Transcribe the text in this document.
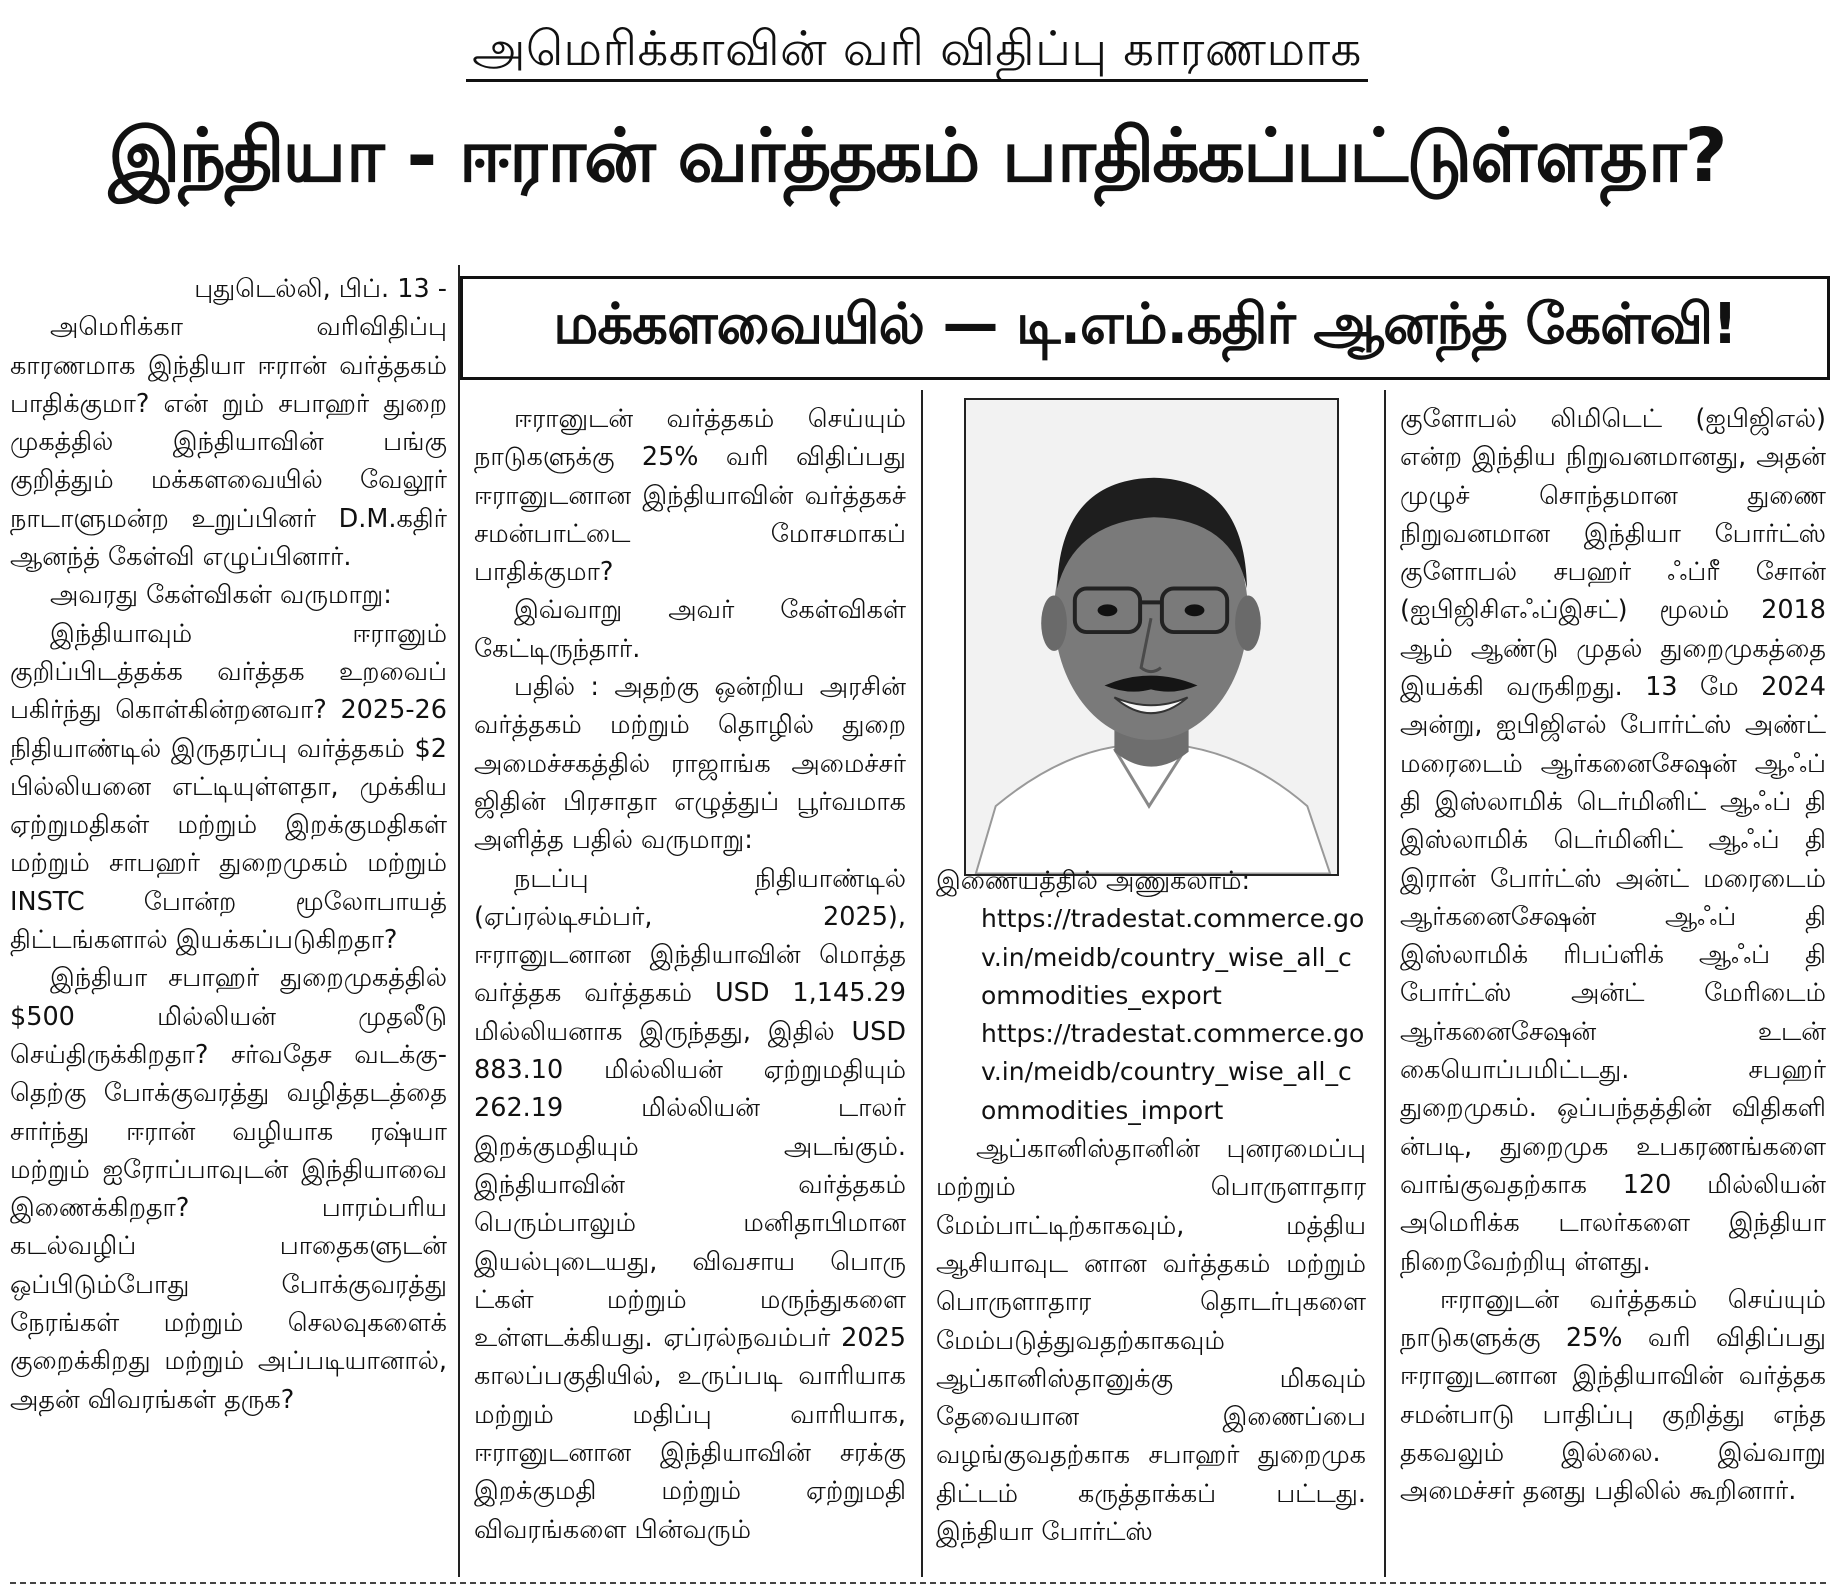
அமெரிக்காவின் வரி விதிப்பு காரணமாக
இந்தியா - ஈரான் வர்த்தகம் பாதிக்கப்பட்டுள்ளதா?

புதுடெல்லி, பிப். 13 -

அமெரிக்கா வரிவிதிப்பு காரணமாக இந்தியா ஈரான் வர்த்தகம் பாதிக்குமா? என் றும் சபாஹர் துறை முகத்தில் இந்தியாவின் பங்கு குறித்தும் மக்களவையில் வேலூர் நாடாளுமன்ற உறுப்பினர் D.M.கதிர் ஆனந்த் கேள்வி எழுப்பினார்.

அவரது கேள்விகள் வருமாறு:

இந்தியாவும் ஈரானும் குறிப்பிடத்தக்க வர்த்தக உறவைப் பகிர்ந்து கொள்கின்றனவா? 2025-26 நிதியாண்டில் இருதரப்பு வர்த்தகம் $2 பில்லியனை எட்டியுள்ளதா, முக்கிய ஏற்றுமதிகள் மற்றும் இறக்குமதிகள் மற்றும் சாபஹர் துறைமுகம் மற்றும் INSTC போன்ற மூலோபாயத் திட்டங்களால் இயக்கப்படுகிறதா?

இந்தியா சபாஹர் துறைமுகத்தில் $500 மில்லியன் முதலீடு செய்திருக்கிறதா? சர்வதேச வடக்கு-தெற்கு போக்குவரத்து வழித்தடத்தை சார்ந்து ஈரான் வழியாக ரஷ்யா மற்றும் ஐரோப்பாவுடன் இந்தியாவை இணைக்கிறதா? பாரம்பரிய கடல்வழிப் பாதைகளுடன் ஒப்பிடும்போது போக்குவரத்து நேரங்கள் மற்றும் செலவுகளைக் குறைக்கிறது மற்றும் அப்படியானால், அதன் விவரங்கள் தருக?

மக்களவையில் — டி.எம்.கதிர் ஆனந்த் கேள்வி!

ஈரானுடன் வர்த்தகம் செய்யும் நாடுகளுக்கு 25% வரி விதிப்பது ஈரானுடனான இந்தியாவின் வர்த்தகச் சமன்பாட்டை மோசமாகப் பாதிக்குமா?

இவ்வாறு அவர் கேள்விகள் கேட்டிருந்தார்.

பதில் : அதற்கு ஒன்றிய அரசின் வர்த்தகம் மற்றும் தொழில் துறை அமைச்சகத்தில் ராஜாங்க அமைச்சர் ஜிதின் பிரசாதா எழுத்துப் பூர்வமாக அளித்த பதில் வருமாறு:

நடப்பு நிதியாண்டில் (ஏப்ரல்டிசம்பர், 2025), ஈரானுடனான இந்தியாவின் மொத்த வர்த்தக வர்த்தகம் USD 1,145.29 மில்லியனாக இருந்தது, இதில் USD 883.10 மில்லியன் ஏற்றுமதியும் 262.19 மில்லியன் டாலர் இறக்குமதியும் அடங்கும். இந்தியாவின் வர்த்தகம் பெரும்பாலும் மனிதாபிமான இயல்புடையது, விவசாய பொரு ட்கள் மற்றும் மருந்துகளை உள்ளடக்கியது. ஏப்ரல்நவம்பர் 2025 காலப்பகுதியில், உருப்படி வாரியாக மற்றும் மதிப்பு வாரியாக, ஈரானுடனான இந்தியாவின் சரக்கு இறக்குமதி மற்றும் ஏற்றுமதி விவரங்களை பின்வரும்

இணையத்தில் அணுகலாம்:

https://tradestat.commerce.gov.in/meidb/country_wise_all_commodities_export

https://tradestat.commerce.gov.in/meidb/country_wise_all_commodities_import

ஆப்கானிஸ்தானின் புனரமைப்பு மற்றும் பொருளாதார மேம்பாட்டிற்காகவும், மத்திய ஆசியாவுட னான வர்த்தகம் மற்றும் பொருளாதார தொடர்புகளை மேம்படுத்துவதற்காகவும் ஆப்கானிஸ்தானுக்கு மிகவும் தேவையான இணைப்பை வழங்குவதற்காக சபாஹர் துறைமுக திட்டம் கருத்தாக்கப் பட்டது. இந்தியா போர்ட்ஸ்

குளோபல் லிமிடெட் (ஐபிஜிஎல்) என்ற இந்திய நிறுவனமானது, அதன் முழுச் சொந்தமான துணை நிறுவனமான இந்தியா போர்ட்ஸ் குளோபல் சபஹர் ஃப்ரீ சோன் (ஐபிஜிசிஎஃப்இசட்) மூலம் 2018 ஆம் ஆண்டு முதல் துறைமுகத்தை இயக்கி வருகிறது. 13 மே 2024 அன்று, ஐபிஜிஎல் போர்ட்ஸ் அண்ட் மரைடைம் ஆர்கனைசேஷன் ஆஃப் தி இஸ்லாமிக் டெர்மினிட் ஆஃப் தி இஸ்லாமிக் டெர்மினிட் ஆஃப் தி இரான் போர்ட்ஸ் அன்ட் மரைடைம் ஆர்கனைசேஷன் ஆஃப் தி இஸ்லாமிக் ரிபப்ளிக் ஆஃப் தி போர்ட்ஸ் அன்ட் மேரிடைம் ஆர்கனைசேஷன் உடன் கையொப்பமிட்டது. சபஹர் துறைமுகம். ஒப்பந்தத்தின் விதிகளி ன்படி, துறைமுக உபகரணங்களை வாங்குவதற்காக 120 மில்லியன் அமெரிக்க டாலர்களை இந்தியா நிறைவேற்றியு ள்ளது.

ஈரானுடன் வர்த்தகம் செய்யும் நாடுகளுக்கு 25% வரி விதிப்பது ஈரானுடனான இந்தியாவின் வர்த்தக சமன்பாடு பாதிப்பு குறித்து எந்த தகவலும் இல்லை. இவ்வாறு அமைச்சர் தனது பதிலில் கூறினார்.
